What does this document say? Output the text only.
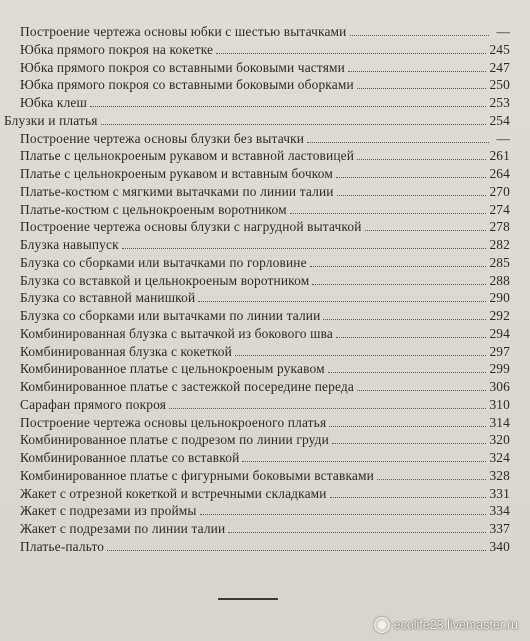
Построение чертежа основы юбки с шестью вытачками	—
Юбка прямого покроя на кокетке	245
Юбка прямого покроя со вставными боковыми частями	247
Юбка прямого покроя со вставными боковыми оборками	250
Юбка клеш	253
Блузки и платья	254
Построение чертежа основы блузки без вытачки	—
Платье с цельнокроеным рукавом и вставной ластовицей	261
Платье с цельнокроеным рукавом и вставным бочком	264
Платье-костюм с мягкими вытачками по линии талии	270
Платье-костюм с цельнокроеным воротником	274
Построение чертежа основы блузки с нагрудной вытачкой	278
Блузка навыпуск	282
Блузка со сборками или вытачками по горловине	285
Блузка со вставкой и цельнокроеным воротником	288
Блузка со вставной манишкой	290
Блузка со сборками или вытачками по линии талии	292
Комбинированная блузка с вытачкой из бокового шва	294
Комбинированная блузка с кокеткой	297
Комбинированное платье с цельнокроеным рукавом	299
Комбинированное платье с застежкой посередине переда	306
Сарафан прямого покроя	310
Построение чертежа основы цельнокроеного платья	314
Комбинированное платье с подрезом по линии груди	320
Комбинированное платье со вставкой	324
Комбинированное платье с фигурными боковыми вставками	328
Жакет с отрезной кокеткой и встречными складками	331
Жакет с подрезами из проймы	334
Жакет с подрезами по линии талии	337
Платье-пальто	340
ecolife23.livemaster.ru
